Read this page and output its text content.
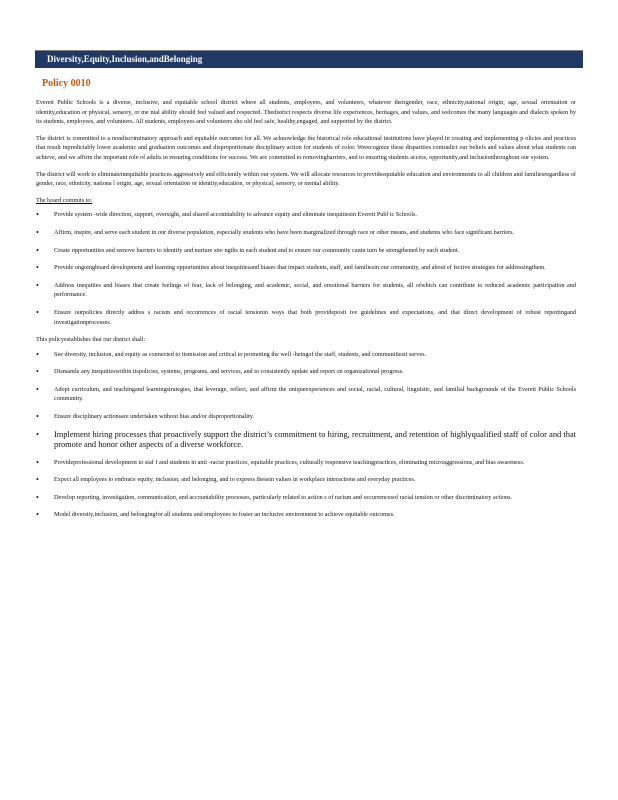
Diversity,Equity,Inclusion,andBelonging
Policy 0010

Everett Public Schools is a diverse, inclusive, and equitable school district where all students, employees, and volunteers, whatever theirgender, race, ethnicity,national origin, age, sexual orientation or identity,education or physical, sensory, or me ntal ability should feel valued and respected. Thedistrict respects diverse life experiences, heritages, and values, and welcomes the many languages and dialects spoken by its students, employees, and volunteers. All students, employees and volunteers sho uld feel safe, healthy,engaged, and supported by the district.

The district is committed to a nondiscriminatory approach and equitable outcomes for all. We acknowledge the historical role educational institutions have played in creating and implementing p olicies and practices that result inpredictably lower academic and graduation outcomes and disproportionate disciplinary action for students of color. Werecognize these disparities contradict our beliefs and values about what students can achieve, and we affirm the important role of adults in ensuring conditions for success. We are committed to removingbarriers, and to ensuring students access, opportunity,and inclusionthroughout our system.

The district will work to eliminateinequitable practices aggressively and efficiently within our system. We will allocate resources to provideequitable education and environments to all children and familiesregardless of gender, race, ethnicity, nationa l origin, age, sexual orientation or identity,education, or physical, sensory, or mental ability.

The board commits to:
• Provide system -wide direction, support, oversight, and shared accountability to advance equity and eliminate inequitiesin Everett Publ ic Schools.
• Affirm, inspire, and serve each student in our diverse population, especially students who have been marginalized through race or other means, and students who face significant barriers.
• Create opportunities and remove barriers to identify and nurture stre ngths in each student and to ensure our community canin turn be strengthened by each student.
• Provide ongoingboard development and learning opportunities about inequitiesand biases that impact students, staff, and familiesin our community, and about ef fective strategies for addressingthem.
• Address inequities and biases that create feelings of fear, lack of belonging, and academic, social, and emotional barriers for students, all ofwhich can contribute to reduced academic participation and performance.
• Ensure ourpolicies directly addres s racism and occurrences of racial tensionin ways that both provideposit ive guidelines and expectations, and that direct development of robust reportingand investigationprocesses.
This policyestablishes that our district shall:
• See diversity, inclusion, and equity as connected to itsmission and critical to promoting the well -beingof the staff, students, and communitiesit serves.
• Dismantle any inequitieswithin itspolicies, systems, programs, and services, and to consistently update and report on organizational progress.
• Adopt curriculum, and teachingand learningstrategies, that leverage, reflect, and affirm the uniqueexperiences and social, racial, cultural, linguistic, and familial backgrounds of the Everett Public Schools community.
• Ensure disciplinary actionsare undertaken without bias and/or disproportionality.
• Implement hiring processes that proactively support the district’s commitment to hiring, recruitment, and retention of highlyqualified staff of color and that promote and honor other aspects of a diverse workforce.
• Provideprofessional development to staf f and students in anti -racist practices, equitable practices, culturally responsive teachingpractices, eliminating microaggressions, and bias awareness.
• Expect all employees to embrace equity, inclusion, and belonging, and to express thesein values in workplace interactions and everyday practices.
• Develop reporting, investigation, communication, and accountability processes, particularly related to action s of racism and occurrencesof racial tension or other discriminatory actions.
• Model diversity,inclusion, and belongingfor all students and employees to foster an inclusive environment to achieve equitable outcomes.
